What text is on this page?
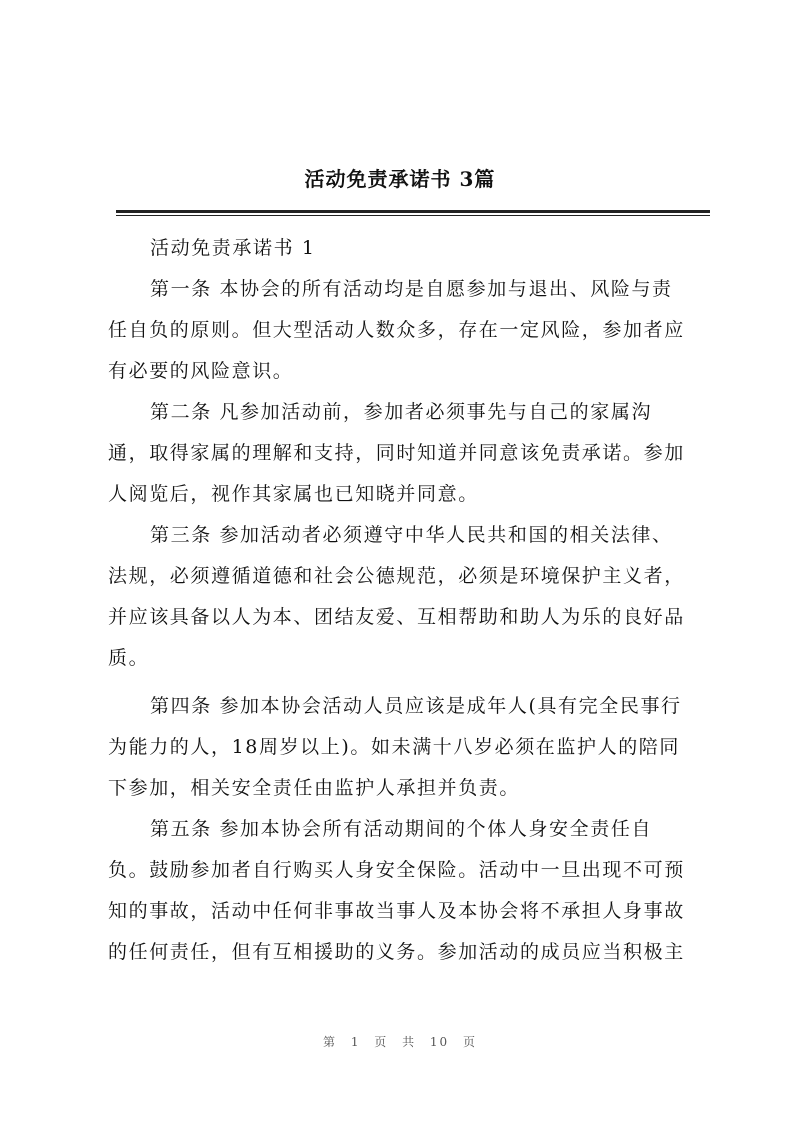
活动免责承诺书 3篇
活动免责承诺书 1
第一条 本协会的所有活动均是自愿参加与退出、风险与责
任自负的原则。但大型活动人数众多，存在一定风险，参加者应
有必要的风险意识。
第二条 凡参加活动前，参加者必须事先与自己的家属沟
通，取得家属的理解和支持，同时知道并同意该免责承诺。参加
人阅览后，视作其家属也已知晓并同意。
第三条 参加活动者必须遵守中华人民共和国的相关法律、
法规，必须遵循道德和社会公德规范，必须是环境保护主义者，
并应该具备以人为本、团结友爱、互相帮助和助人为乐的良好品
质。
第四条 参加本协会活动人员应该是成年人(具有完全民事行
为能力的人，18周岁以上)。如未满十八岁必须在监护人的陪同
下参加，相关安全责任由监护人承担并负责。
第五条 参加本协会所有活动期间的个体人身安全责任自
负。鼓励参加者自行购买人身安全保险。活动中一旦出现不可预
知的事故，活动中任何非事故当事人及本协会将不承担人身事故
的任何责任，但有互相援助的义务。参加活动的成员应当积极主
第 1 页 共 10 页
